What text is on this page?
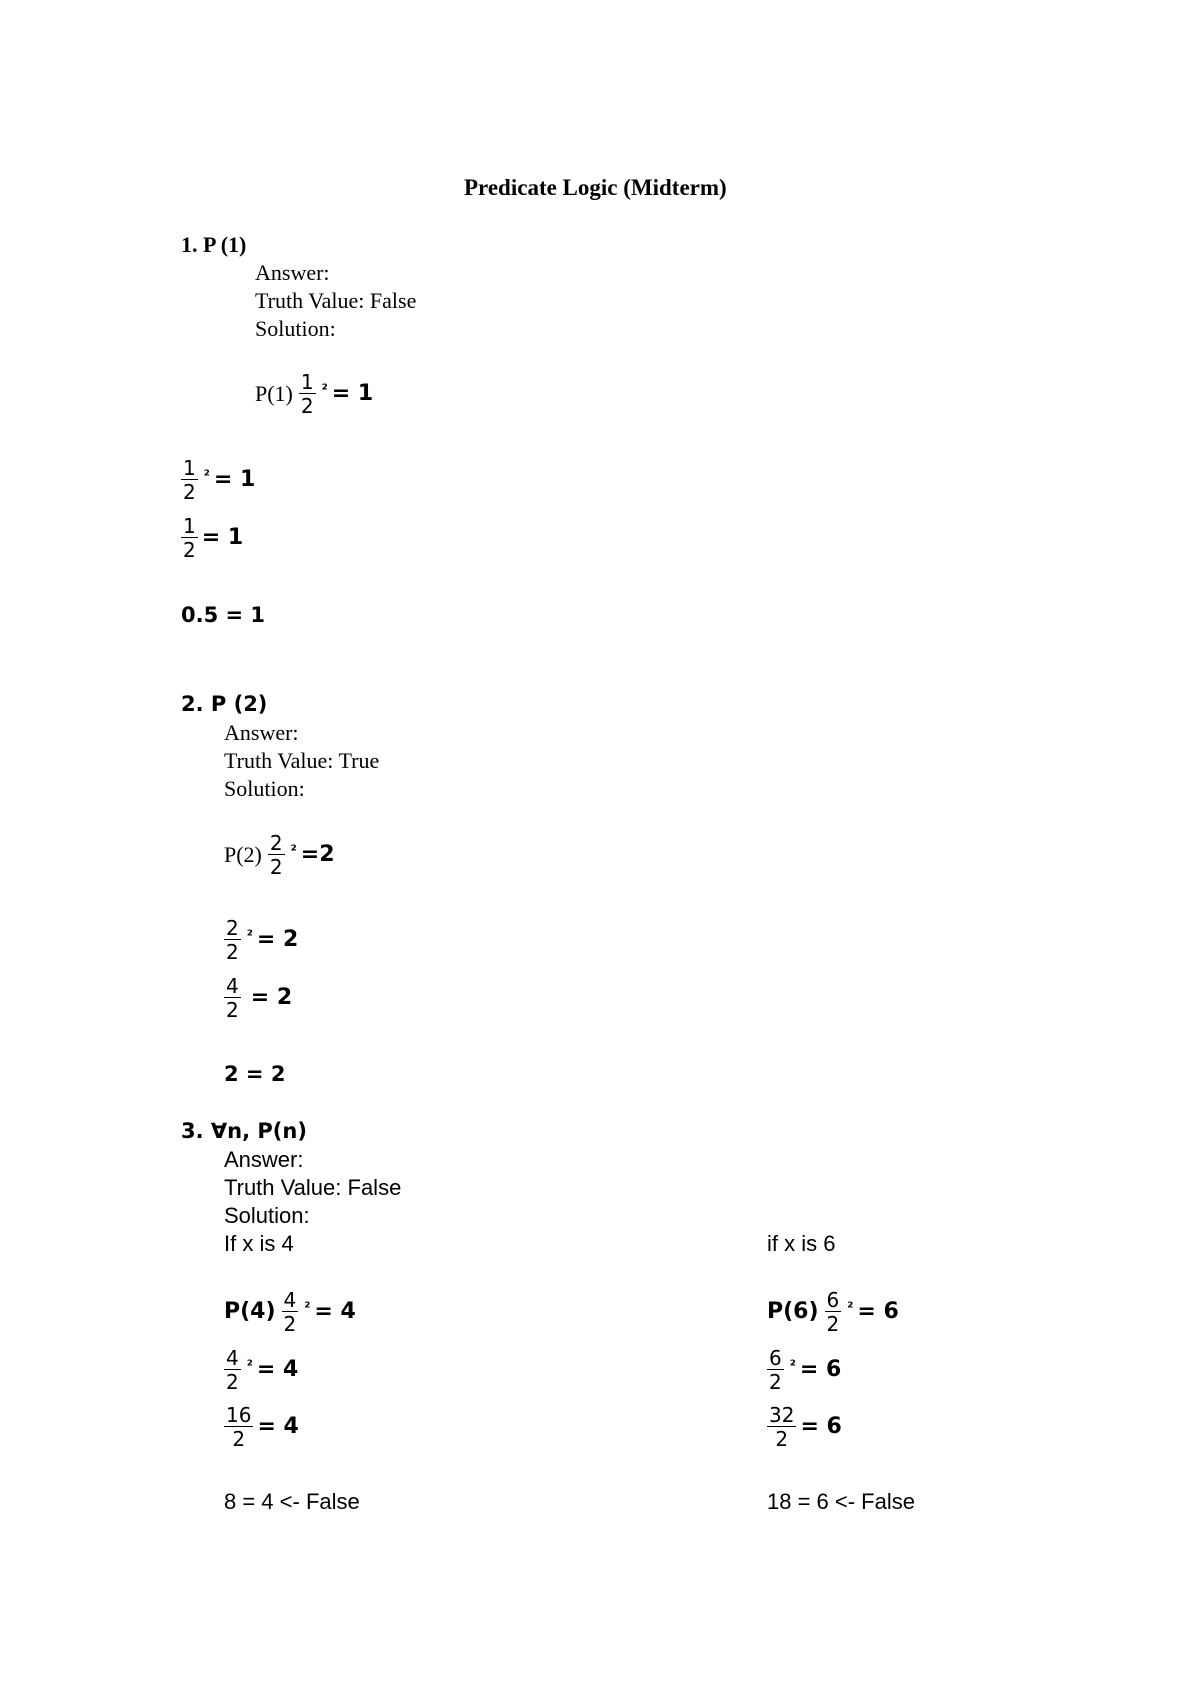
Predicate Logic (Midterm)
1. P (1)
Answer:
Truth Value: False
Solution:
$P(1) \frac{1}{2} ^2 = 1$
$\frac{1}{2} ^2 = 1$
$\frac{1}{2} = 1$
0.5 = 1
2. P (2)
Answer:
Truth Value: True
Solution:
$P(2) \frac{2}{2} ^2 =2$
$\frac{2}{2} ^2 = 2$
$\frac{4}{2} = 2$
2 = 2
3. ∀n, P(n)
Answer:
Truth Value: False
Solution:
If x is 4
$P(4) \frac{4}{2} ^2 = 4$
$\frac{4}{2} ^2 = 4$
$\frac{16}{2} = 4$
8 = 4 <- False
if x is 6
$P(6) \frac{6}{2} ^2 = 6$
$\frac{6}{2} ^2 = 6$
$\frac{32}{2} = 6$
18 = 6 <- False
